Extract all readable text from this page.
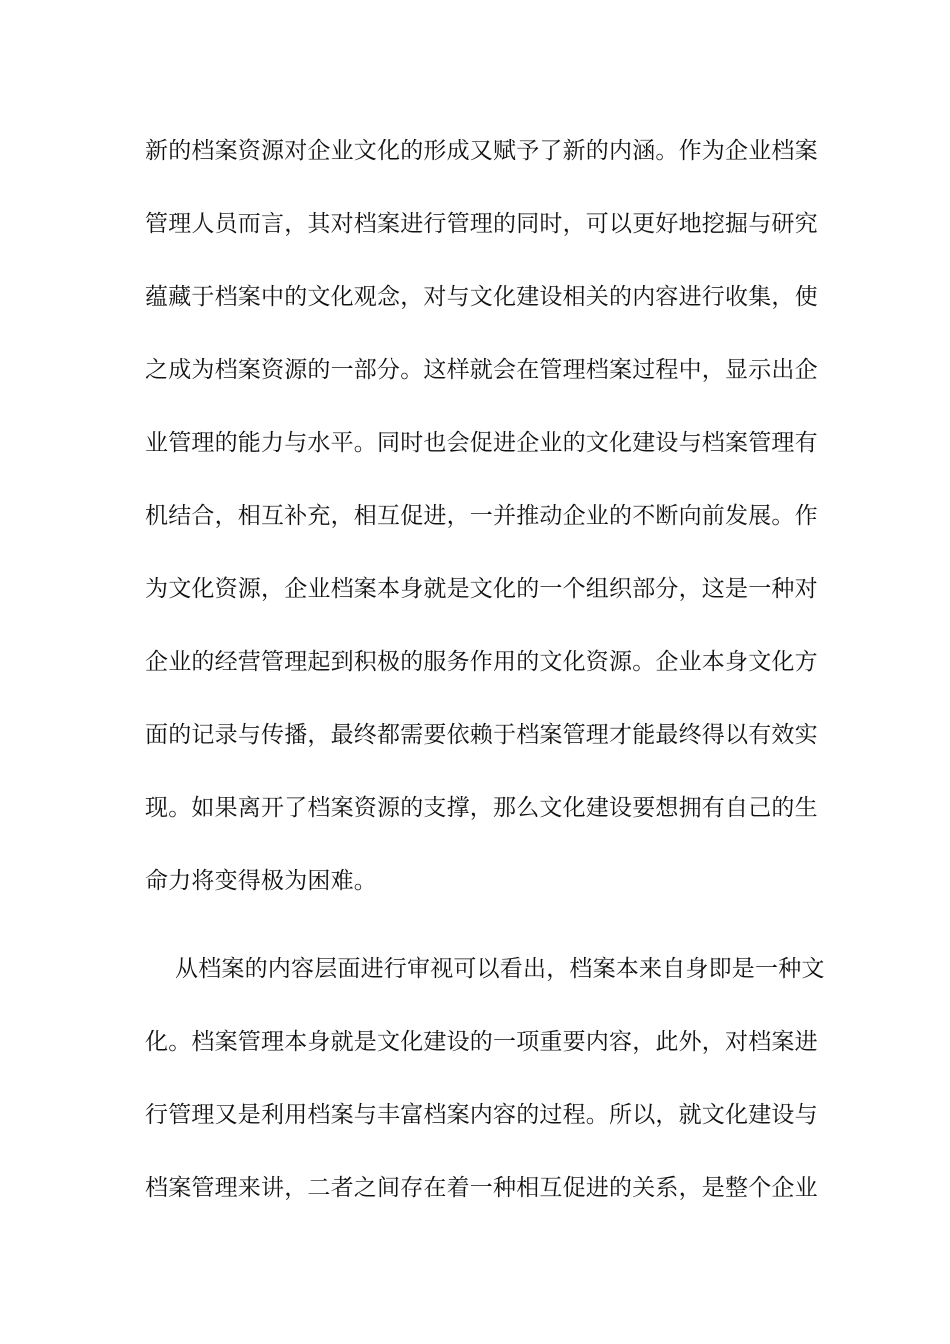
新的档案资源对企业文化的形成又赋予了新的内涵。作为企业档案
管理人员而言，其对档案进行管理的同时，可以更好地挖掘与研究
蕴藏于档案中的文化观念，对与文化建设相关的内容进行收集，使
之成为档案资源的一部分。这样就会在管理档案过程中，显示出企
业管理的能力与水平。同时也会促进企业的文化建设与档案管理有
机结合，相互补充，相互促进，一并推动企业的不断向前发展。作
为文化资源，企业档案本身就是文化的一个组织部分，这是一种对
企业的经营管理起到积极的服务作用的文化资源。企业本身文化方
面的记录与传播，最终都需要依赖于档案管理才能最终得以有效实
现。如果离开了档案资源的支撑，那么文化建设要想拥有自己的生
命力将变得极为困难。
从档案的内容层面进行审视可以看出，档案本来自身即是一种文
化。档案管理本身就是文化建设的一项重要内容，此外，对档案进
行管理又是利用档案与丰富档案内容的过程。所以，就文化建设与
档案管理来讲，二者之间存在着一种相互促进的关系，是整个企业
